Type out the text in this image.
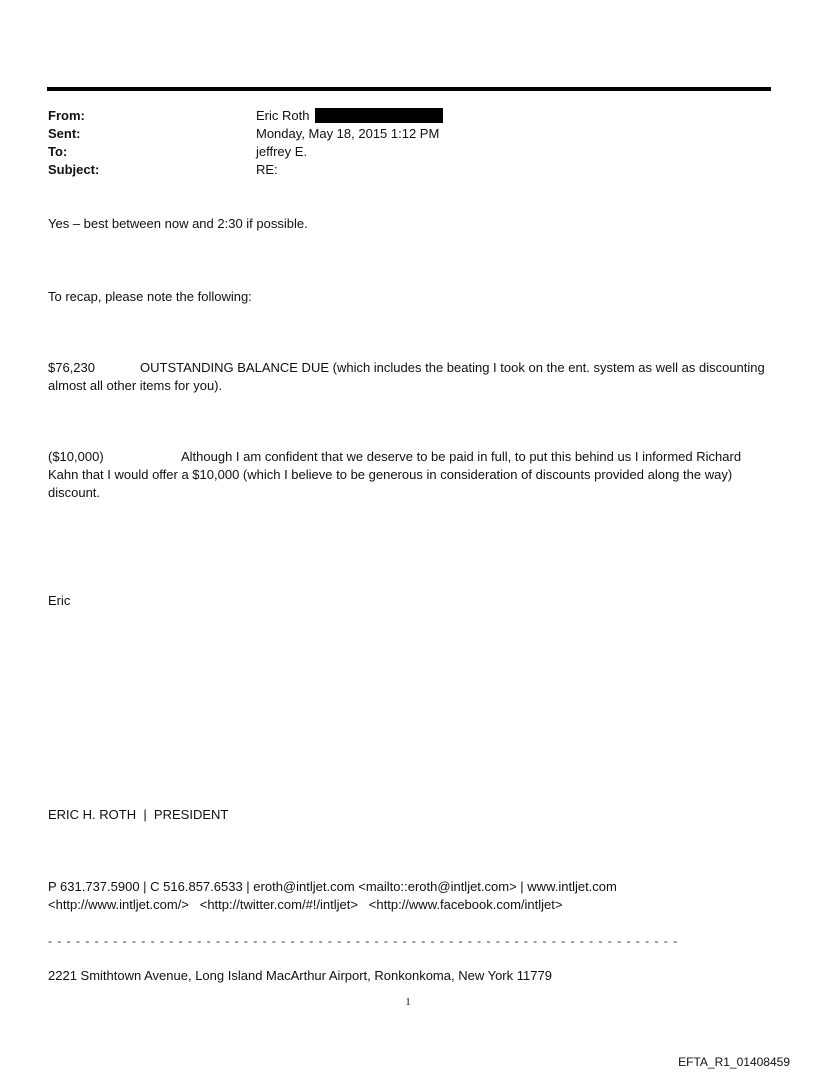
From:	Eric Roth
Sent:	Monday, May 18, 2015 1:12 PM
To:	jeffrey E.
Subject:	RE:

Yes – best between now and 2:30 if possible.

To recap, please note the following:

$76,230	OUTSTANDING BALANCE DUE (which includes the beating I took on the ent. system as well as discounting almost all other items for you).

($10,000)	Although I am confident that we deserve to be paid in full, to put this behind us I informed Richard Kahn that I would offer a $10,000 (which I believe to be generous in consideration of discounts provided along the way) discount.

Eric

ERIC H. ROTH  |  PRESIDENT

P 631.737.5900 | C 516.857.6533 | eroth@intljet.com <mailto::eroth@intljet.com> | www.intljet.com

<http://www.intljet.com/>   <http://twitter.com/#!/intljet>   <http://www.facebook.com/intljet>

- - - - - - - - - - - - - - - - - - - - - - - - - - - - - - - - - - - - - - - - - - - - - - - - - - - - - - - - - - - - - - - - - - - -

2221 Smithtown Avenue, Long Island MacArthur Airport, Ronkonkoma, New York 11779

1
EFTA_R1_01408459
